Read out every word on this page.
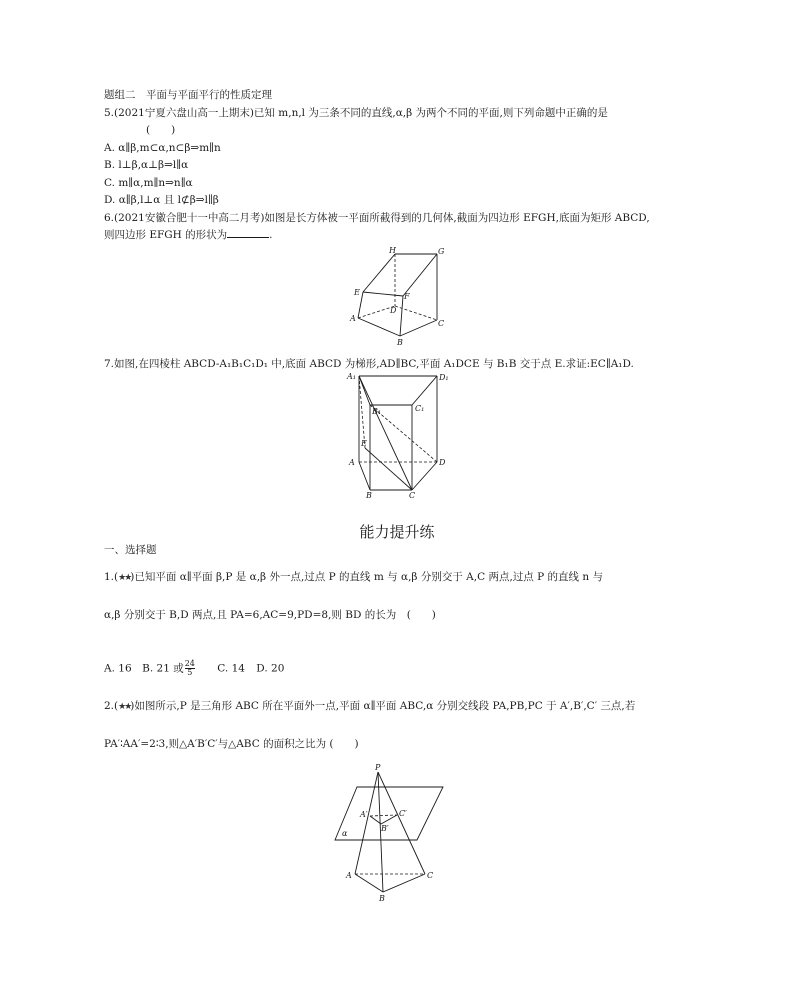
题组二　平面与平面平行的性质定理
5.(2021宁夏六盘山高一上期末)已知 m,n,l 为三条不同的直线,α,β 为两个不同的平面,则下列命题中正确的是
(　　)
A. α∥β,m⊂α,n⊂β⇒m∥n
B. l⊥β,α⊥β⇒l∥α
C. m∥α,m∥n⇒n∥α
D. α∥β,l⊥α 且 l⊄β⇒l∥β
6.(2021安徽合肥十一中高二月考)如图是长方体被一平面所截得到的几何体,截面为四边形 EFGH,底面为矩形 ABCD,
则四边形 EFGH 的形状为	.
H	G
E	F
D
A
B
C
7.如图,在四棱柱 ABCD-A₁B₁C₁D₁ 中,底面 ABCD 为梯形,AD∥BC,平面 A₁DCE 与 B₁B 交于点 E.求证:EC∥A₁D.
A₁	D₁
B₁	C₁
E
A	D
B	C
能力提升练
一、选择题
1.(★★)已知平面 α∥平面 β,P 是 α,β 外一点,过点 P 的直线 m 与 α,β 分别交于 A,C 两点,过点 P 的直线 n 与
α,β 分别交于 B,D 两点,且 PA=6,AC=9,PD=8,则 BD 的长为　(　　)
A. 16　B. 21 或 $\frac{24}{5} C$. 14 D. 20
2.(★★)如图所示,P 是三角形 ABC 所在平面外一点,平面 α∥平面 ABC,α 分别交线段 PA,PB,PC 于 A′,B′,C′ 三点,若
PA′∶AA′=2∶3,则△A′B′C′与△ABC 的面积之比为 (　　)
P
A′	C′
B′
α
A	C
B
